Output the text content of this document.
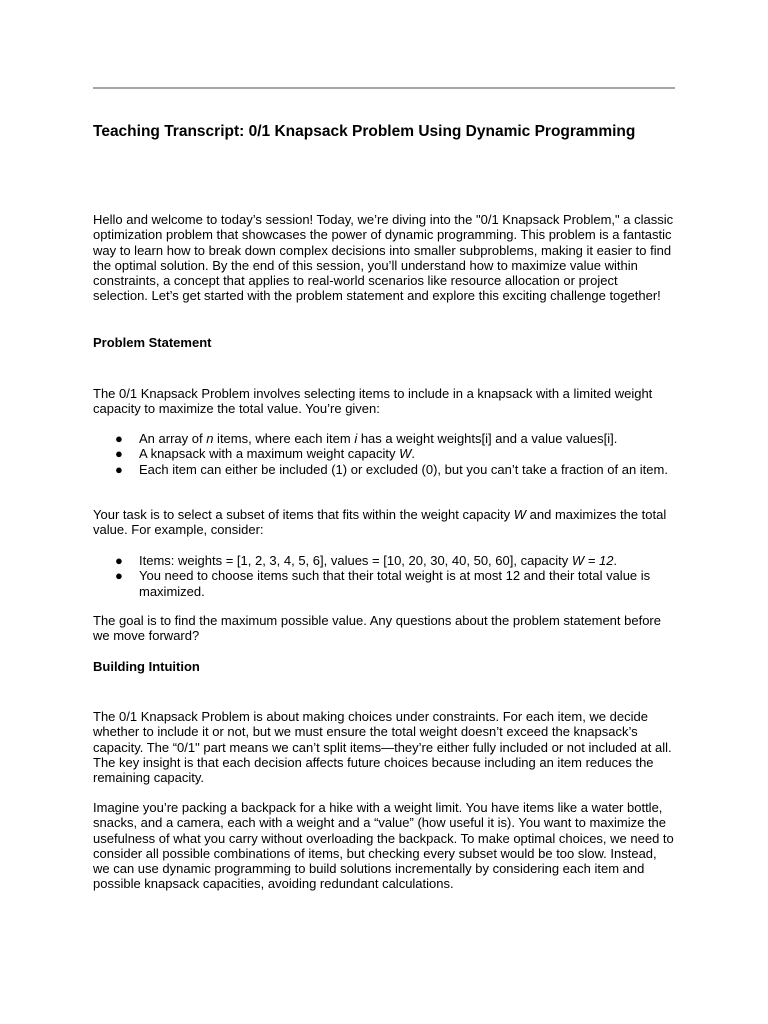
Teaching Transcript: 0/1 Knapsack Problem Using Dynamic Programming

Hello and welcome to today’s session! Today, we’re diving into the "0/1 Knapsack Problem," a classic optimization problem that showcases the power of dynamic programming. This problem is a fantastic way to learn how to break down complex decisions into smaller subproblems, making it easier to find the optimal solution. By the end of this session, you’ll understand how to maximize value within constraints, a concept that applies to real-world scenarios like resource allocation or project selection. Let’s get started with the problem statement and explore this exciting challenge together!

Problem Statement

The 0/1 Knapsack Problem involves selecting items to include in a knapsack with a limited weight capacity to maximize the total value. You’re given:

● An array of n items, where each item i has a weight weights[i] and a value values[i].
● A knapsack with a maximum weight capacity W.
● Each item can either be included (1) or excluded (0), but you can’t take a fraction of an item.

Your task is to select a subset of items that fits within the weight capacity W and maximizes the total value. For example, consider:

● Items: weights = [1, 2, 3, 4, 5, 6], values = [10, 20, 30, 40, 50, 60], capacity W = 12.
● You need to choose items such that their total weight is at most 12 and their total value is maximized.

The goal is to find the maximum possible value. Any questions about the problem statement before we move forward?

Building Intuition

The 0/1 Knapsack Problem is about making choices under constraints. For each item, we decide whether to include it or not, but we must ensure the total weight doesn’t exceed the knapsack’s capacity. The “0/1" part means we can’t split items—they’re either fully included or not included at all. The key insight is that each decision affects future choices because including an item reduces the remaining capacity.

Imagine you’re packing a backpack for a hike with a weight limit. You have items like a water bottle, snacks, and a camera, each with a weight and a “value” (how useful it is). You want to maximize the usefulness of what you carry without overloading the backpack. To make optimal choices, we need to consider all possible combinations of items, but checking every subset would be too slow. Instead, we can use dynamic programming to build solutions incrementally by considering each item and possible knapsack capacities, avoiding redundant calculations.
